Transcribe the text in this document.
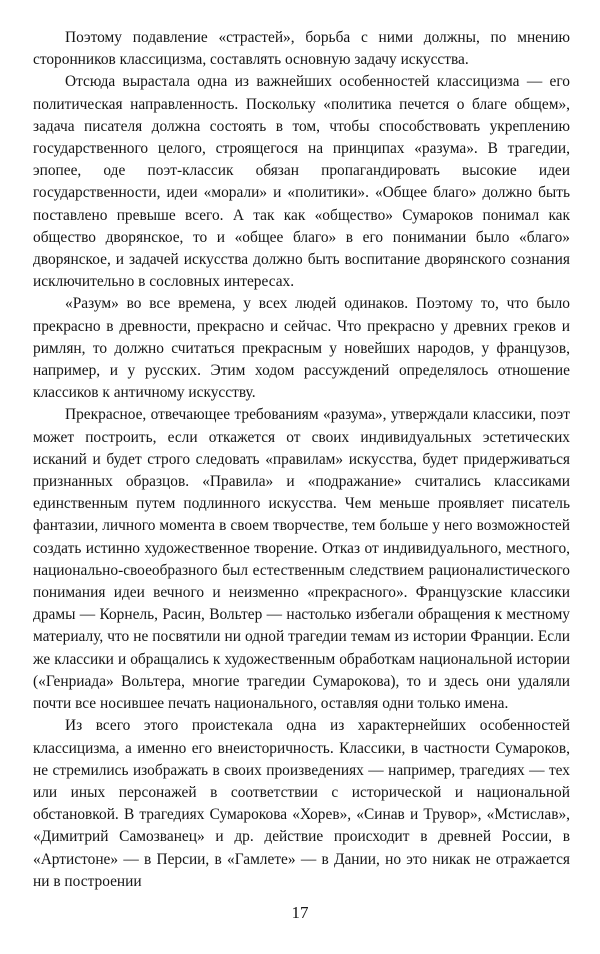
Поэтому подавление «страстей», борьба с ними должны, по мнению сторонников классицизма, составлять основную задачу искусства.

Отсюда вырастала одна из важнейших особенностей классицизма — его политическая направленность. Поскольку «политика печется о благе общем», задача писателя должна состоять в том, чтобы способствовать укреплению государственного целого, строящегося на принципах «разума». В трагедии, эпопее, оде поэт-классик обязан пропагандировать высокие идеи государственности, идеи «морали» и «политики». «Общее благо» должно быть поставлено превыше всего. А так как «общество» Сумароков понимал как общество дворянское, то и «общее благо» в его понимании было «благо» дворянское, и задачей искусства должно быть воспитание дворянского сознания исключительно в сословных интересах.

«Разум» во все времена, у всех людей одинаков. Поэтому то, что было прекрасно в древности, прекрасно и сейчас. Что прекрасно у древних греков и римлян, то должно считаться прекрасным у новейших народов, у французов, например, и у русских. Этим ходом рассуждений определялось отношение классиков к античному искусству.

Прекрасное, отвечающее требованиям «разума», утверждали классики, поэт может построить, если откажется от своих индивидуальных эстетических исканий и будет строго следовать «правилам» искусства, будет придерживаться признанных образцов. «Правила» и «подражание» считались классиками единственным путем подлинного искусства. Чем меньше проявляет писатель фантазии, личного момента в своем творчестве, тем больше у него возможностей создать истинно художественное творение. Отказ от индивидуального, местного, национально-своеобразного был естественным следствием рационалистического понимания идеи вечного и неизменно «прекрасного». Французские классики драмы — Корнель, Расин, Вольтер — настолько избегали обращения к местному материалу, что не посвятили ни одной трагедии темам из истории Франции. Если же классики и обращались к художественным обработкам национальной истории («Генриада» Вольтера, многие трагедии Сумарокова), то и здесь они удаляли почти все носившее печать национального, оставляя одни только имена.

Из всего этого проистекала одна из характернейших особенностей классицизма, а именно его внеисторичность. Классики, в частности Сумароков, не стремились изображать в своих произведениях — например, трагедиях — тех или иных персонажей в соответствии с исторической и национальной обстановкой. В трагедиях Сумарокова «Хорев», «Синав и Трувор», «Мстислав», «Димитрий Самозванец» и др. действие происходит в древней России, в «Артистоне» — в Персии, в «Гамлете» — в Дании, но это никак не отражается ни в построении

17
